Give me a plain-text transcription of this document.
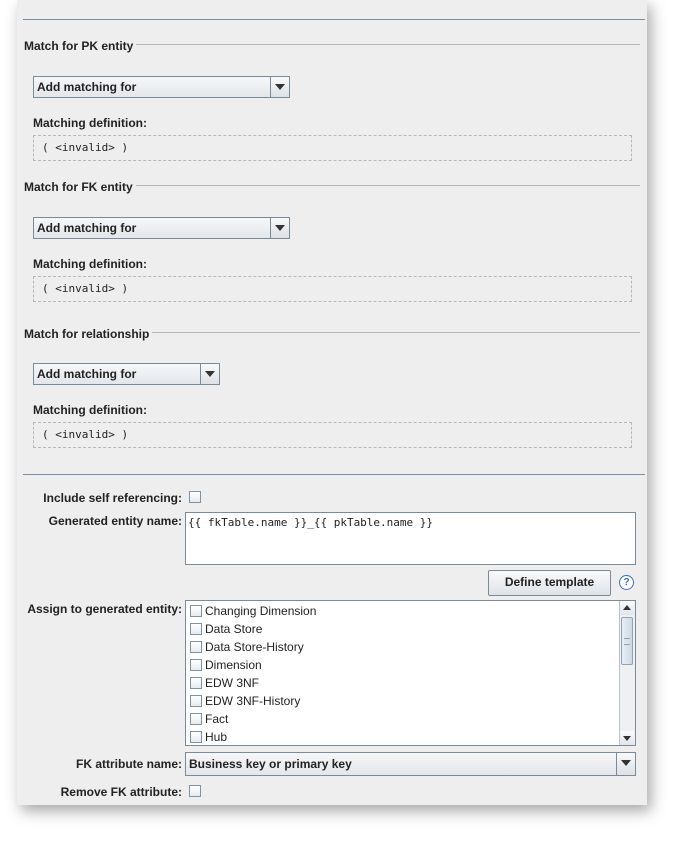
Match for PK entity
Add matching for
Matching definition:
( <invalid> )
Match for FK entity
Add matching for
Matching definition:
( <invalid> )
Match for relationship
Add matching for
Matching definition:
( <invalid> )
Include self referencing:
Generated entity name: {{ fkTable.name }}_{{ pkTable.name }}
Define template	?
Assign to generated entity: Changing Dimension
Data Store
Data Store-History
Dimension
EDW 3NF
EDW 3NF-History
Fact
Hub
FK attribute name: Business key or primary key
Remove FK attribute:
